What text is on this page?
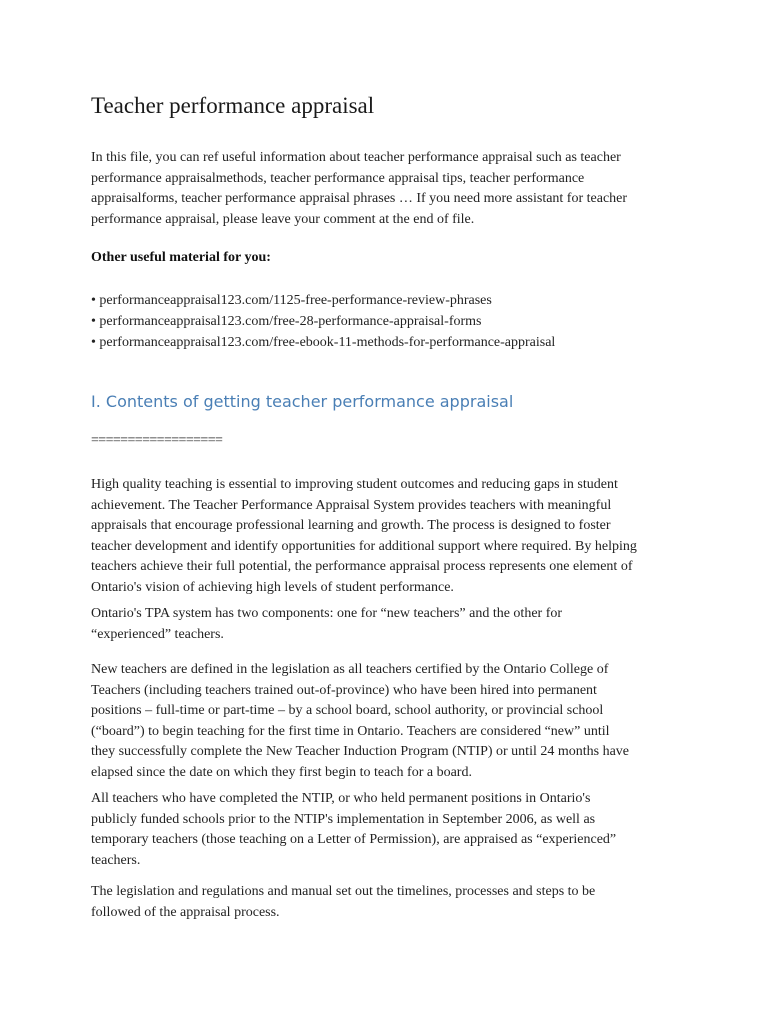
Teacher performance appraisal

In this file, you can ref useful information about teacher performance appraisal such as teacher
performance appraisalmethods, teacher performance appraisal tips, teacher performance
appraisalforms, teacher performance appraisal phrases … If you need more assistant for teacher
performance appraisal, please leave your comment at the end of file.

Other useful material for you:

• performanceappraisal123.com/1125-free-performance-review-phrases
• performanceappraisal123.com/free-28-performance-appraisal-forms
• performanceappraisal123.com/free-ebook-11-methods-for-performance-appraisal
I. Contents of getting teacher performance appraisal

==================

High quality teaching is essential to improving student outcomes and reducing gaps in student
achievement. The Teacher Performance Appraisal System provides teachers with meaningful
appraisals that encourage professional learning and growth. The process is designed to foster
teacher development and identify opportunities for additional support where required. By helping
teachers achieve their full potential, the performance appraisal process represents one element of
Ontario's vision of achieving high levels of student performance.

Ontario's TPA system has two components: one for “new teachers” and the other for
“experienced” teachers.

New teachers are defined in the legislation as all teachers certified by the Ontario College of
Teachers (including teachers trained out-of-province) who have been hired into permanent
positions – full-time or part-time – by a school board, school authority, or provincial school
(“board”) to begin teaching for the first time in Ontario. Teachers are considered “new” until
they successfully complete the New Teacher Induction Program (NTIP) or until 24 months have
elapsed since the date on which they first begin to teach for a board.

All teachers who have completed the NTIP, or who held permanent positions in Ontario's
publicly funded schools prior to the NTIP's implementation in September 2006, as well as
temporary teachers (those teaching on a Letter of Permission), are appraised as “experienced”
teachers.

The legislation and regulations and manual set out the timelines, processes and steps to be
followed of the appraisal process.
